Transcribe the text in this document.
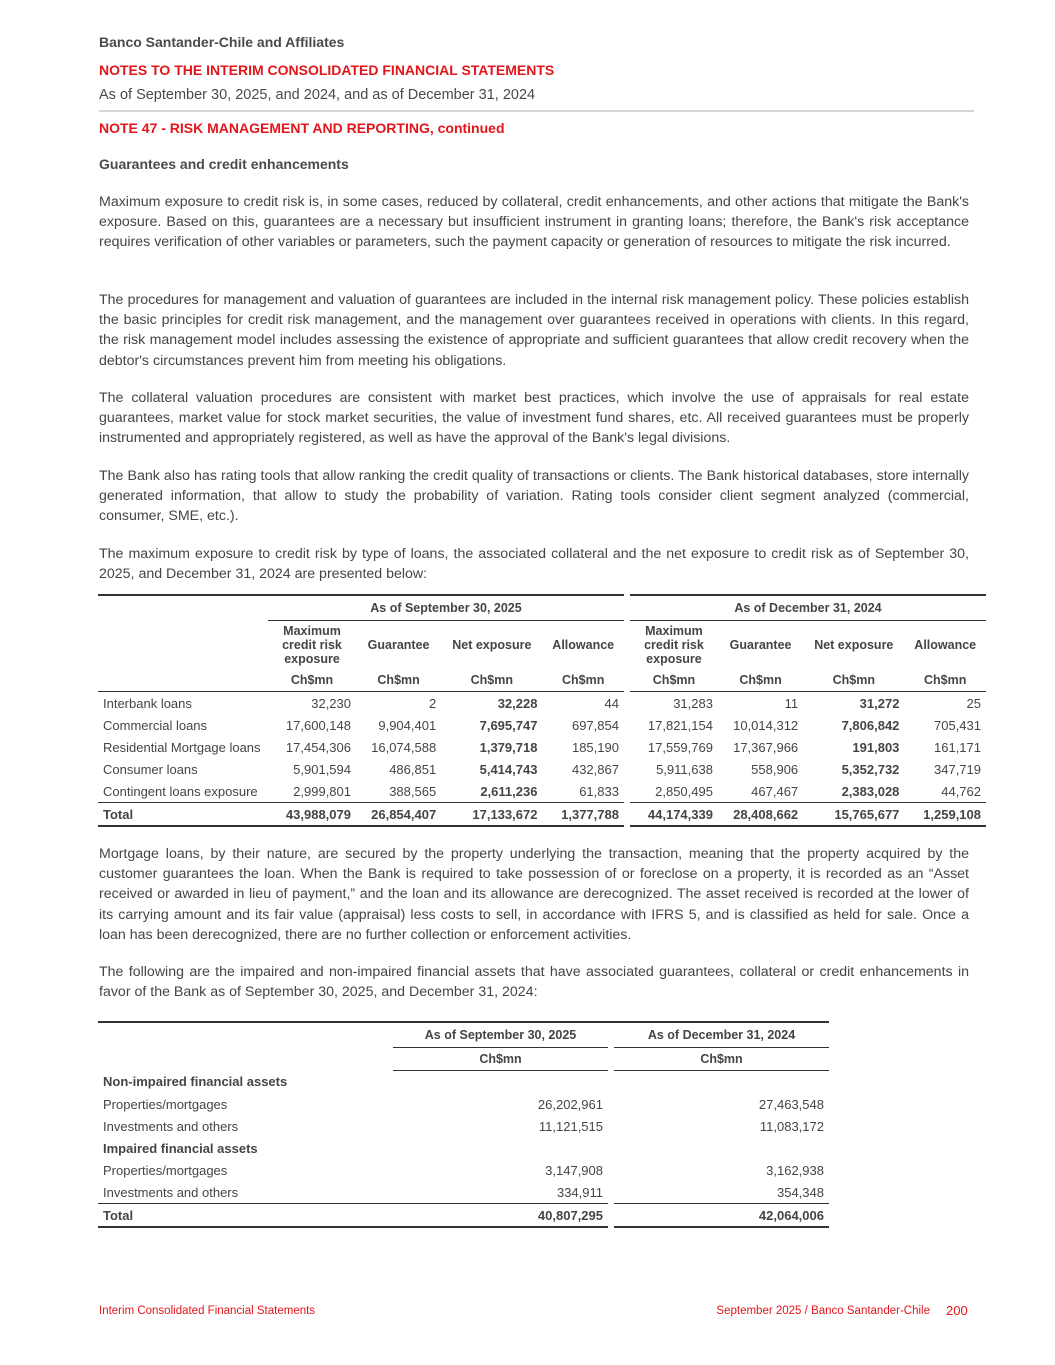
Banco Santander-Chile and Affiliates
NOTES TO THE INTERIM CONSOLIDATED FINANCIAL STATEMENTS
As of September 30, 2025, and 2024, and as of December 31, 2024
NOTE 47 - RISK MANAGEMENT AND REPORTING, continued
Guarantees and credit enhancements

Maximum exposure to credit risk is, in some cases, reduced by collateral, credit enhancements, and other actions that mitigate the Bank's exposure. Based on this, guarantees are a necessary but insufficient instrument in granting loans; therefore, the Bank's risk acceptance requires verification of other variables or parameters, such the payment capacity or generation of resources to mitigate the risk incurred.

The procedures for management and valuation of guarantees are included in the internal risk management policy. These policies establish the basic principles for credit risk management, and the management over guarantees received in operations with clients. In this regard, the risk management model includes assessing the existence of appropriate and sufficient guarantees that allow credit recovery when the debtor's circumstances prevent him from meeting his obligations.

The collateral valuation procedures are consistent with market best practices, which involve the use of appraisals for real estate guarantees, market value for stock market securities, the value of investment fund shares, etc. All received guarantees must be properly instrumented and appropriately registered, as well as have the approval of the Bank's legal divisions.

The Bank also has rating tools that allow ranking the credit quality of transactions or clients. The Bank historical databases, store internally generated information, that allow to study the probability of variation. Rating tools consider client segment analyzed (commercial, consumer, SME, etc.).

The maximum exposure to credit risk by type of loans, the associated collateral and the net exposure to credit risk as of September 30, 2025, and December 31, 2024 are presented below:

	As of September 30, 2025					As of December 31, 2024			
	Maximum credit risk exposure	Guarantee	Net exposure	Allowance		Maximum credit risk exposure	Guarantee	Net exposure	Allowance
	Ch$mn	Ch$mn	Ch$mn	Ch$mn		Ch$mn	Ch$mn	Ch$mn	Ch$mn
Interbank loans	32,230	2	32,228	44		31,283	11	31,272	25
Commercial loans	17,600,148	9,904,401	7,695,747	697,854		17,821,154	10,014,312	7,806,842	705,431
Residential Mortgage loans	17,454,306	16,074,588	1,379,718	185,190		17,559,769	17,367,966	191,803	161,171
Consumer loans	5,901,594	486,851	5,414,743	432,867		5,911,638	558,906	5,352,732	347,719
Contingent loans exposure	2,999,801	388,565	2,611,236	61,833		2,850,495	467,467	2,383,028	44,762
Total	43,988,079	26,854,407	17,133,672	1,377,788		44,174,339	28,408,662	15,765,677	1,259,108

Mortgage loans, by their nature, are secured by the property underlying the transaction, meaning that the property acquired by the customer guarantees the loan. When the Bank is required to take possession of or foreclose on a property, it is recorded as an “Asset received or awarded in lieu of payment,” and the loan and its allowance are derecognized. The asset received is recorded at the lower of its carrying amount and its fair value (appraisal) less costs to sell, in accordance with IFRS 5, and is classified as held for sale. Once a loan has been derecognized, there are no further collection or enforcement activities.

The following are the impaired and non-impaired financial assets that have associated guarantees, collateral or credit enhancements in favor of the Bank as of September 30, 2025, and December 31, 2024:

	As of September 30, 2025		As of December 31, 2024
	Ch$mn		Ch$mn
Non-impaired financial assets			
Properties/mortgages	26,202,961		27,463,548
Investments and others	11,121,515		11,083,172
Impaired financial assets			
Properties/mortgages	3,147,908		3,162,938
Investments and others	334,911		354,348
Total	40,807,295		42,064,006
Interim Consolidated Financial Statements	September 2025 / Banco Santander-Chile 200
